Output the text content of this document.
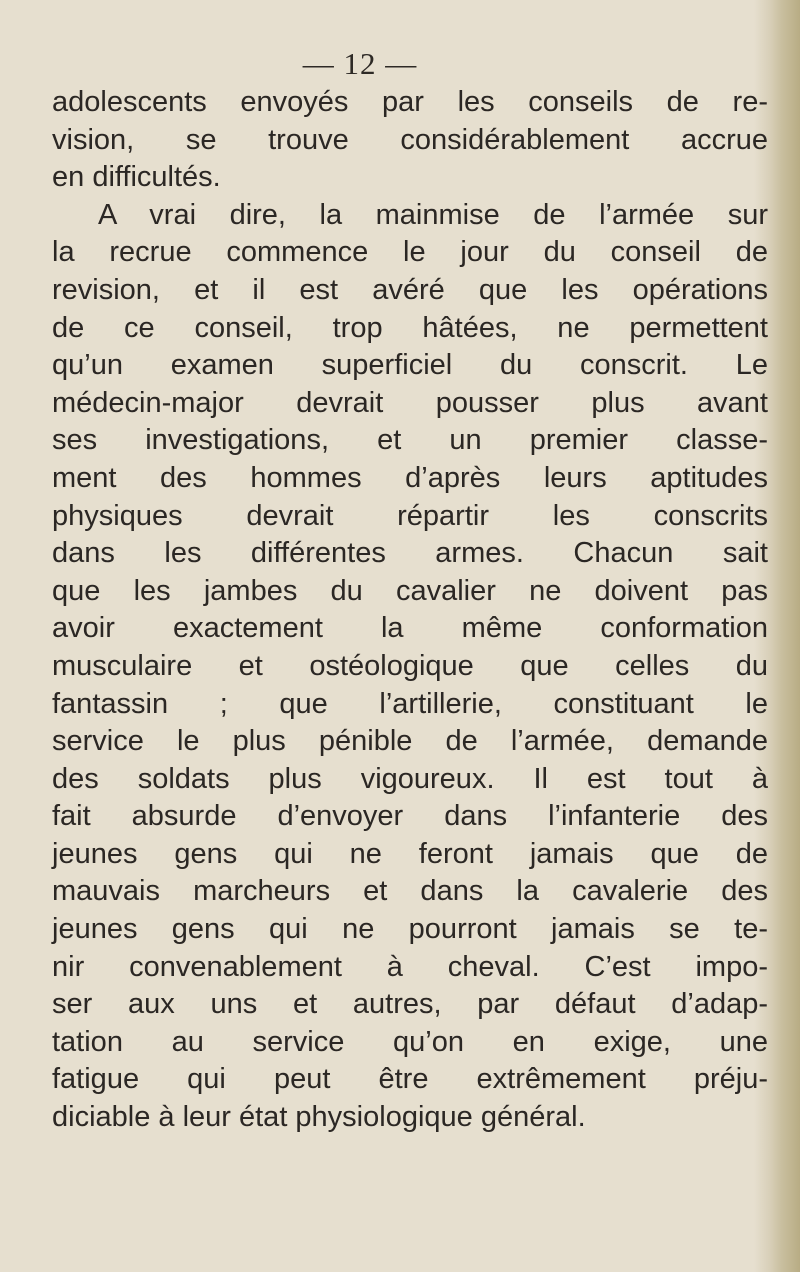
— 12 —
adolescents envoyés par les conseils de re-
vision, se trouve considérablement accrue
en difficultés.
A vrai dire, la mainmise de l’armée sur
la recrue commence le jour du conseil de
revision, et il est avéré que les opérations
de ce conseil, trop hâtées, ne permettent
qu’un examen superficiel du conscrit. Le
médecin-major devrait pousser plus avant
ses investigations, et un premier classe-
ment des hommes d’après leurs aptitudes
physiques devrait répartir les conscrits
dans les différentes armes. Chacun sait
que les jambes du cavalier ne doivent pas
avoir exactement la même conformation
musculaire et ostéologique que celles du
fantassin ; que l’artillerie, constituant le
service le plus pénible de l’armée, demande
des soldats plus vigoureux. Il est tout à
fait absurde d’envoyer dans l’infanterie des
jeunes gens qui ne feront jamais que de
mauvais marcheurs et dans la cavalerie des
jeunes gens qui ne pourront jamais se te-
nir convenablement à cheval. C’est impo-
ser aux uns et autres, par défaut d’adap-
tation au service qu’on en exige, une
fatigue qui peut être extrêmement préju-
diciable à leur état physiologique général.
